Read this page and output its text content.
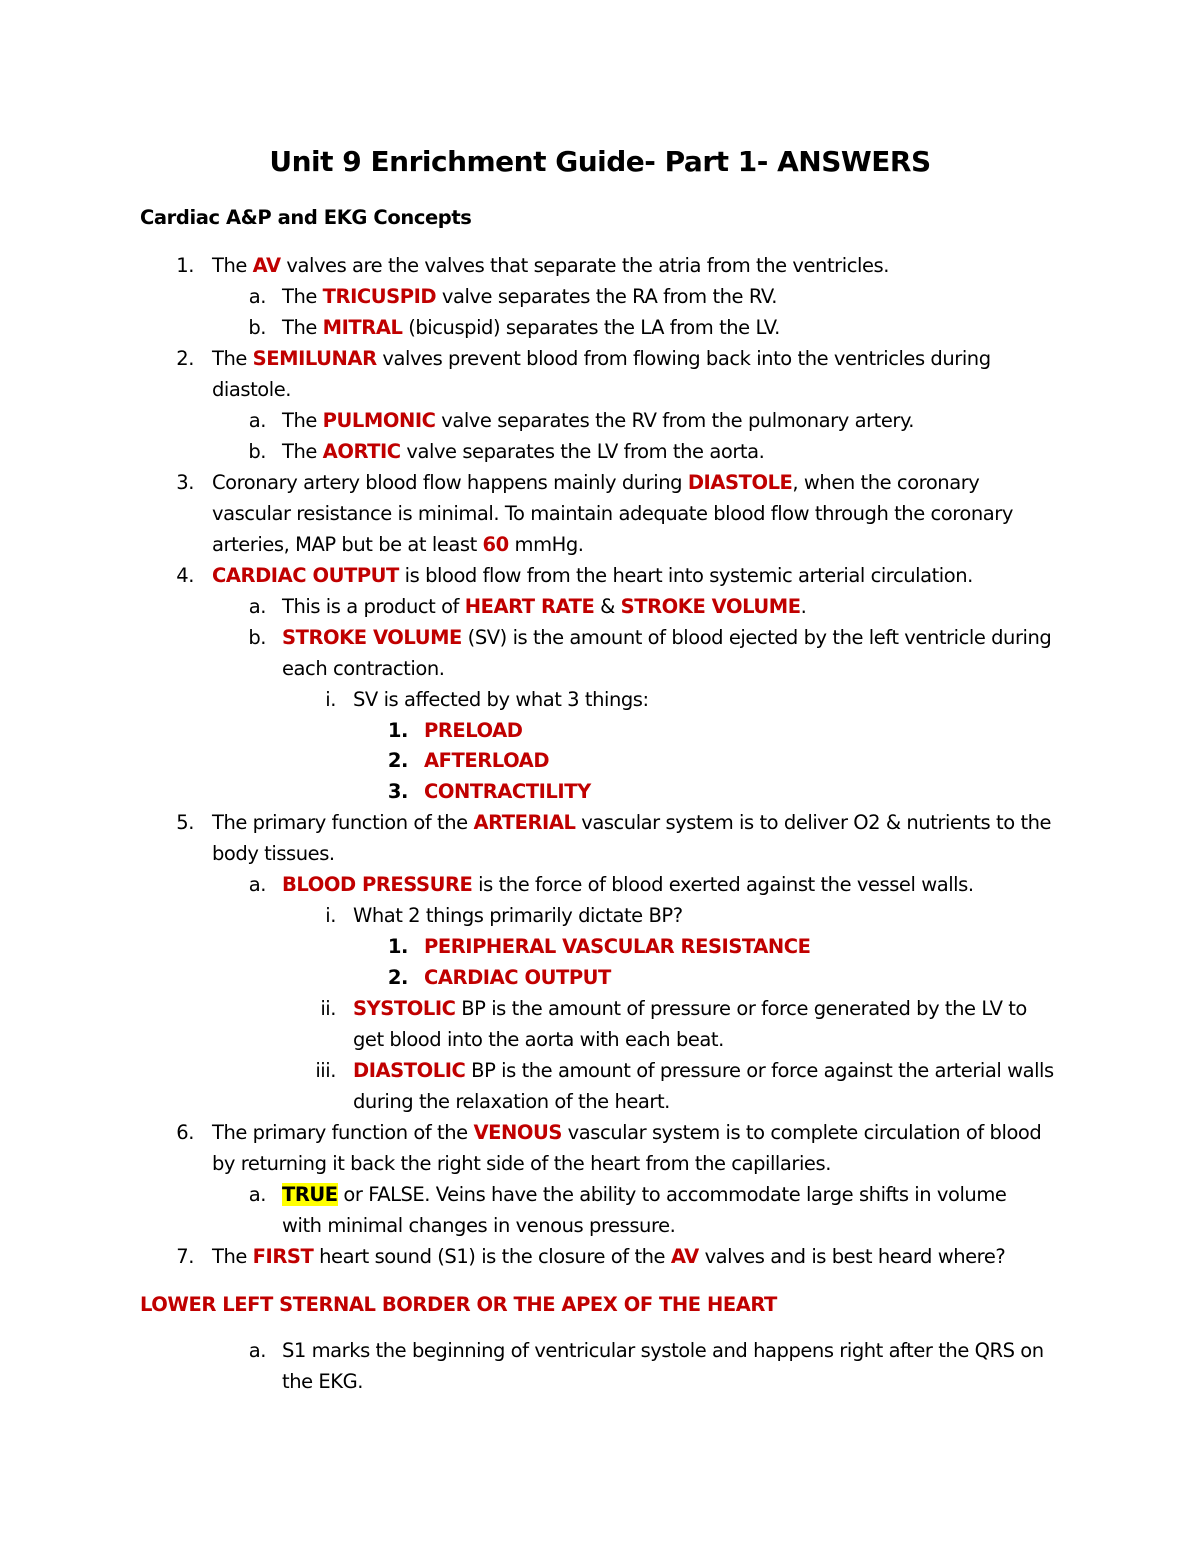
Unit 9 Enrichment Guide- Part 1- ANSWERS
Cardiac A&P and EKG Concepts
1. The AV valves are the valves that separate the atria from the ventricles.
a. The TRICUSPID valve separates the RA from the RV.
b. The MITRAL (bicuspid) separates the LA from the LV.
2. The SEMILUNAR valves prevent blood from flowing back into the ventricles during
diastole.
a. The PULMONIC valve separates the RV from the pulmonary artery.
b. The AORTIC valve separates the LV from the aorta.
3. Coronary artery blood flow happens mainly during DIASTOLE, when the coronary
vascular resistance is minimal. To maintain adequate blood flow through the coronary
arteries, MAP but be at least 60 mmHg.
4. CARDIAC OUTPUT is blood flow from the heart into systemic arterial circulation.
a. This is a product of HEART RATE & STROKE VOLUME.
b. STROKE VOLUME (SV) is the amount of blood ejected by the left ventricle during
each contraction.
i. SV is affected by what 3 things:
1. PRELOAD
2. AFTERLOAD
3. CONTRACTILITY
5. The primary function of the ARTERIAL vascular system is to deliver O2 & nutrients to the
body tissues.
a. BLOOD PRESSURE is the force of blood exerted against the vessel walls.
i. What 2 things primarily dictate BP?
1. PERIPHERAL VASCULAR RESISTANCE
2. CARDIAC OUTPUT
ii. SYSTOLIC BP is the amount of pressure or force generated by the LV to
get blood into the aorta with each beat.
iii. DIASTOLIC BP is the amount of pressure or force against the arterial walls
during the relaxation of the heart.
6. The primary function of the VENOUS vascular system is to complete circulation of blood
by returning it back the right side of the heart from the capillaries.
a. TRUE or FALSE. Veins have the ability to accommodate large shifts in volume
with minimal changes in venous pressure.
7. The FIRST heart sound (S1) is the closure of the AV valves and is best heard where?
a. S1 marks the beginning of ventricular systole and happens right after the QRS on
the EKG.
LOWER LEFT STERNAL BORDER OR THE APEX OF THE HEART
